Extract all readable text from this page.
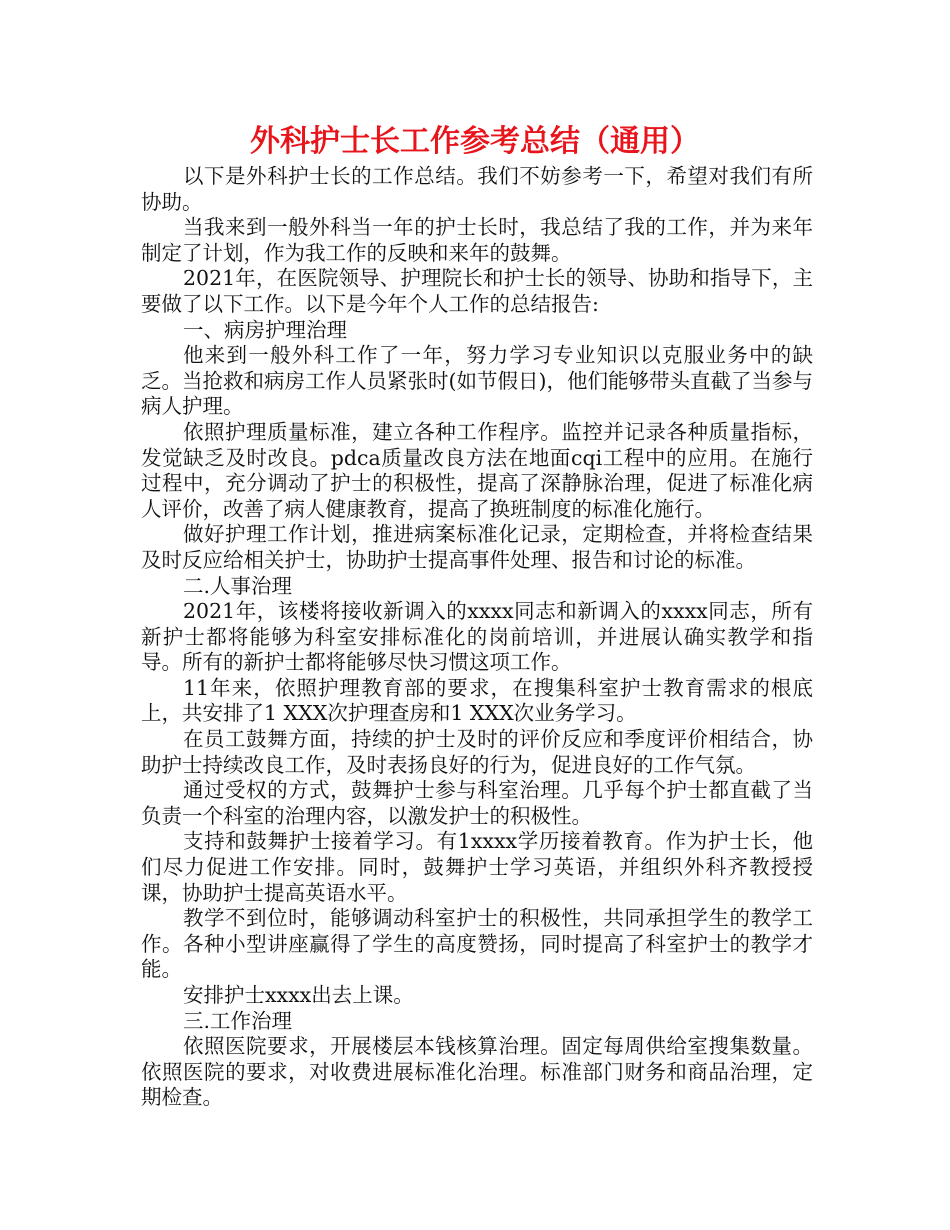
外科护士长工作参考总结（通用）

以下是外科护士长的工作总结。我们不妨参考一下，希望对我们有所协助。

当我来到一般外科当一年的护士长时，我总结了我的工作，并为来年制定了计划，作为我工作的反映和来年的鼓舞。

2021年，在医院领导、护理院长和护士长的领导、协助和指导下，主要做了以下工作。以下是今年个人工作的总结报告:

一、病房护理治理

他来到一般外科工作了一年，努力学习专业知识以克服业务中的缺乏。当抢救和病房工作人员紧张时(如节假日)，他们能够带头直截了当参与病人护理。

依照护理质量标准，建立各种工作程序。监控并记录各种质量指标，发觉缺乏及时改良。pdca质量改良方法在地面cqi工程中的应用。在施行过程中，充分调动了护士的积极性，提高了深静脉治理，促进了标准化病人评价，改善了病人健康教育，提高了换班制度的标准化施行。

做好护理工作计划，推进病案标准化记录，定期检查，并将检查结果及时反应给相关护士，协助护士提高事件处理、报告和讨论的标准。

二.人事治理

2021年，该楼将接收新调入的xxxx同志和新调入的xxxx同志，所有新护士都将能够为科室安排标准化的岗前培训，并进展认确实教学和指导。所有的新护士都将能够尽快习惯这项工作。

11年来，依照护理教育部的要求，在搜集科室护士教育需求的根底上，共安排了1 XXX次护理查房和1 XXX次业务学习。

在员工鼓舞方面，持续的护士及时的评价反应和季度评价相结合，协助护士持续改良工作，及时表扬良好的行为，促进良好的工作气氛。

通过受权的方式，鼓舞护士参与科室治理。几乎每个护士都直截了当负责一个科室的治理内容，以激发护士的积极性。

支持和鼓舞护士接着学习。有1xxxx学历接着教育。作为护士长，他们尽力促进工作安排。同时，鼓舞护士学习英语，并组织外科齐教授授课，协助护士提高英语水平。

教学不到位时，能够调动科室护士的积极性，共同承担学生的教学工作。各种小型讲座赢得了学生的高度赞扬，同时提高了科室护士的教学才能。

安排护士xxxx出去上课。

三.工作治理

依照医院要求，开展楼层本钱核算治理。固定每周供给室搜集数量。依照医院的要求，对收费进展标准化治理。标准部门财务和商品治理，定期检查。
